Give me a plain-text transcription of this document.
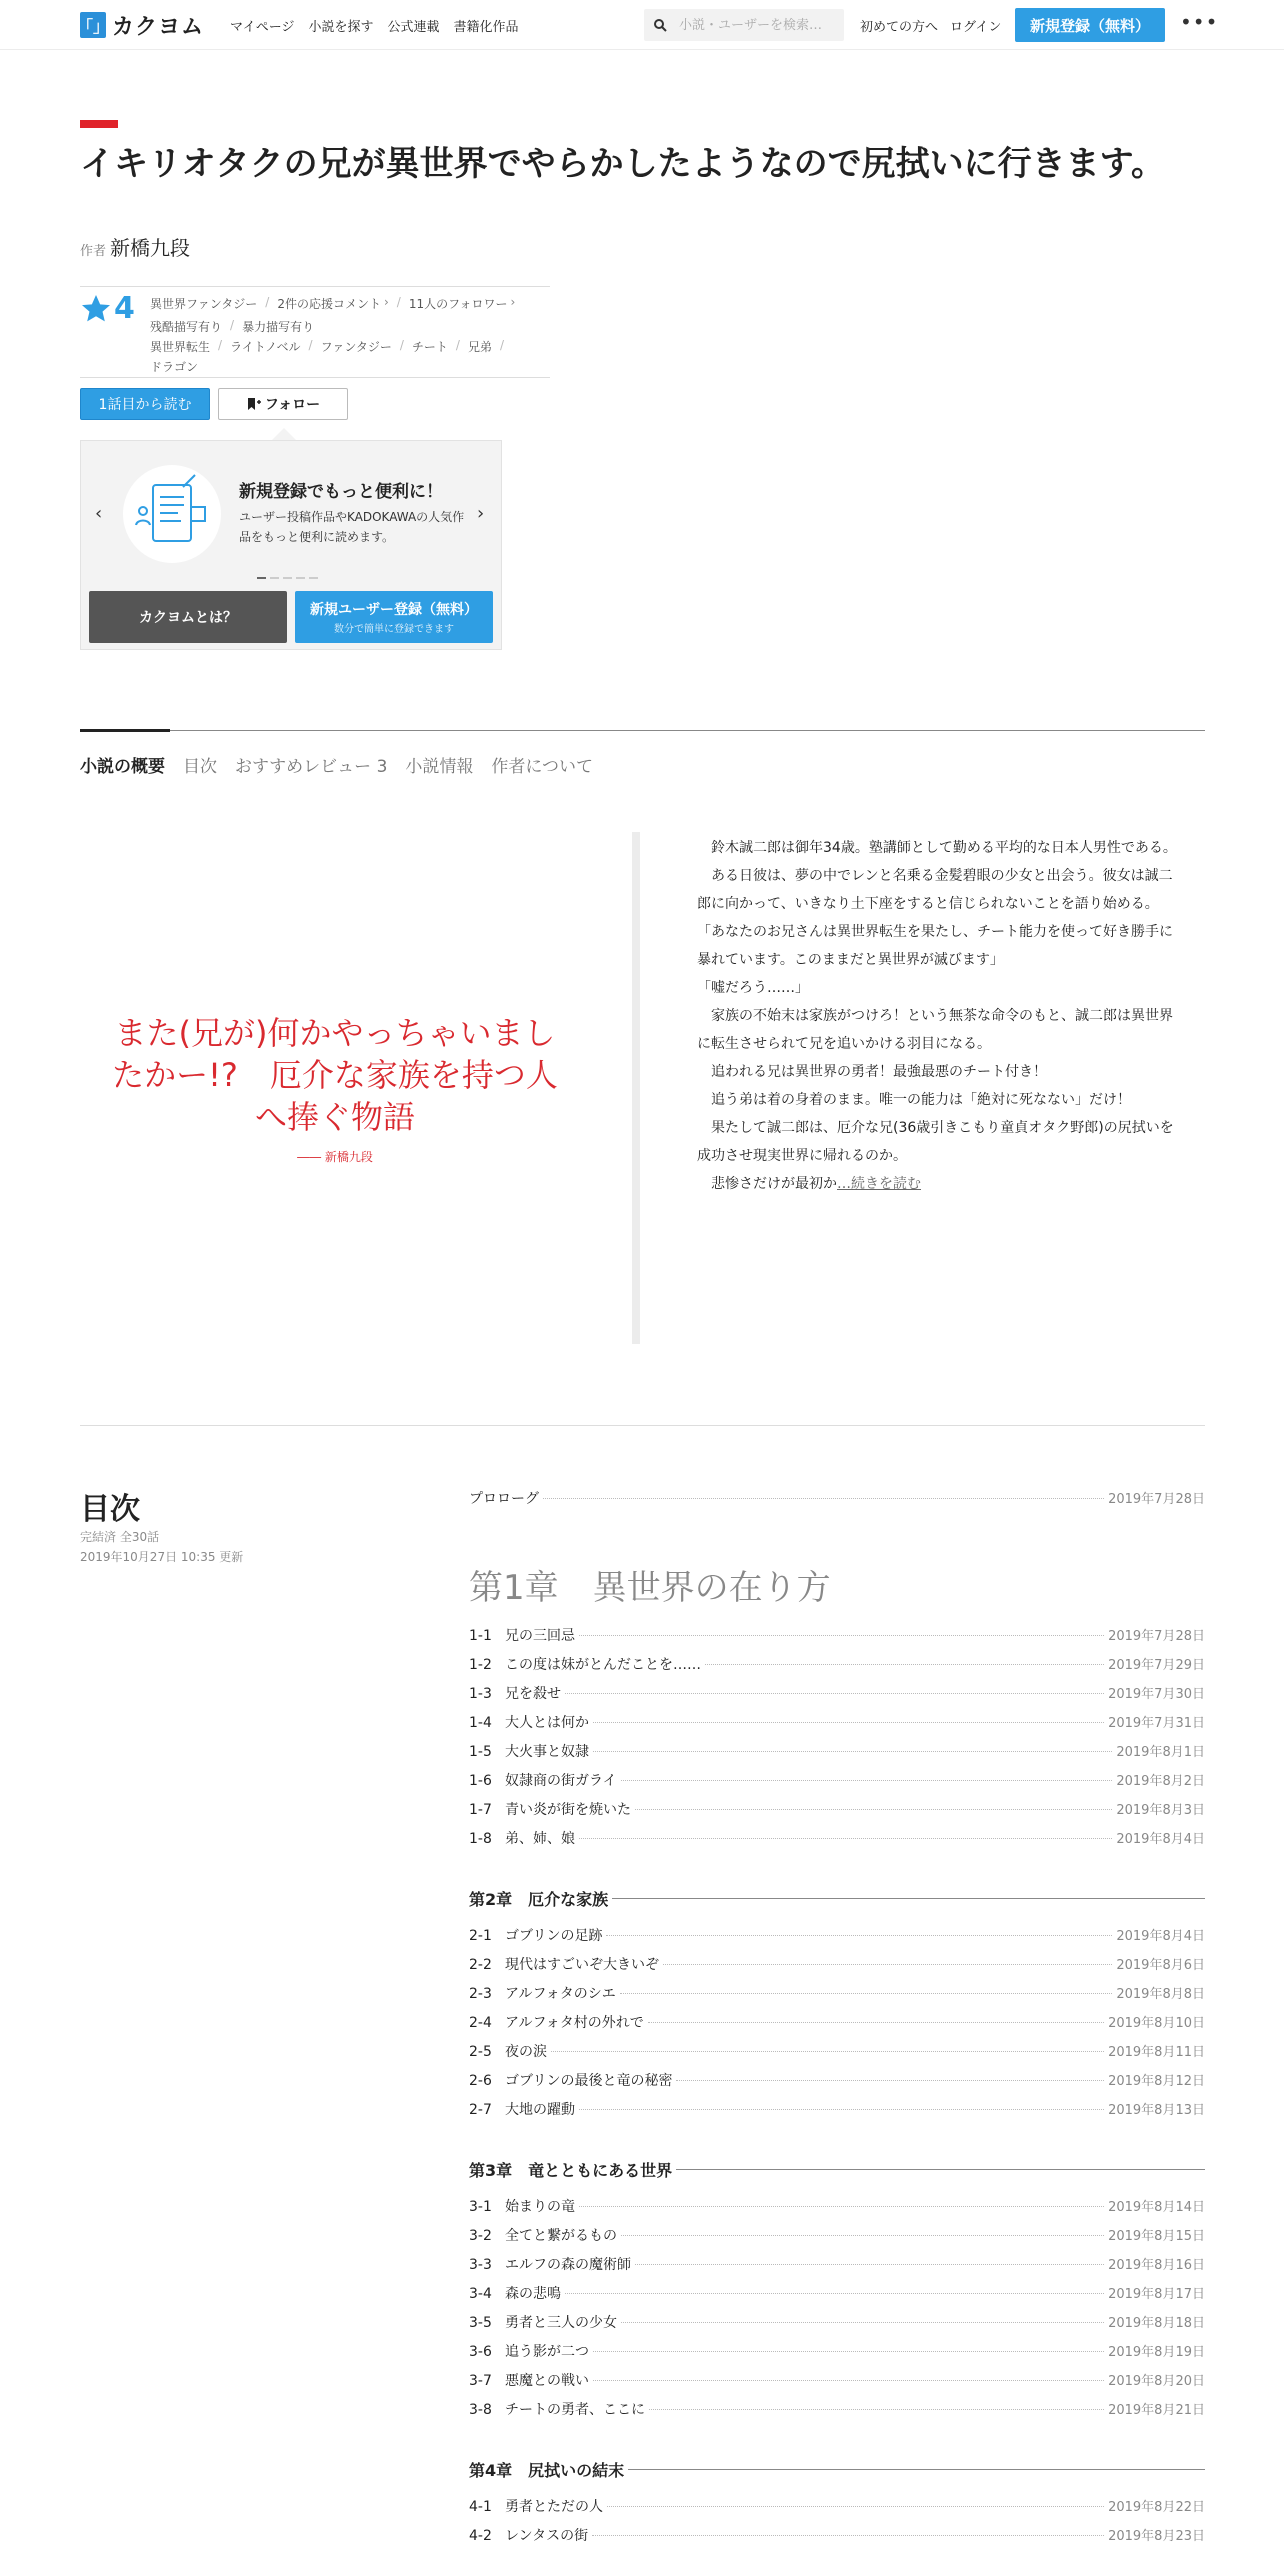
「」 カクヨム マイページ 小説を探す 公式連載 書籍化作品
小説・ユーザーを検索…	初めての方へ ログイン	新規登録（無料）	•••
イキリオタクの兄が異世界でやらかしたようなので尻拭いに行きます。
作者 新橋九段
4 異世界ファンタジー / 2件の応援コメント › / 11人のフォロワー ›
残酷描写有り / 暴力描写有り
異世界転生 / ライトノベル / ファンタジー / チート / 兄弟 /
ドラゴン
1話目から読む	フォロー
‹	›
新規登録でもっと便利に！
ユーザー投稿作品やKADOKAWAの人気作品をもっと便利に読めます。
カクヨムとは？	新規ユーザー登録（無料）
数分で簡単に登録できます
小説の概要 目次 おすすめレビュー 3 小説情報 作者について
また(兄が)何かやっちゃいましたかー!?　厄介な家族を持つ人へ捧ぐ物語
―― 新橋九段

　鈴木誠二郎は御年34歳。塾講師として勤める平均的な日本人男性である。

　ある日彼は、夢の中でレンと名乗る金髪碧眼の少女と出会う。彼女は誠二郎に向かって、いきなり土下座をすると信じられないことを語り始める。

「あなたのお兄さんは異世界転生を果たし、チート能力を使って好き勝手に暴れています。このままだと異世界が滅びます」

「嘘だろう……」

　家族の不始末は家族がつけろ！という無茶な命令のもと、誠二郎は異世界に転生させられて兄を追いかける羽目になる。

　追われる兄は異世界の勇者！最強最悪のチート付き！

　追う弟は着の身着のまま。唯一の能力は「絶対に死なない」だけ！

　果たして誠二郎は、厄介な兄(36歳引きこもり童貞オタク野郎)の尻拭いを成功させ現実世界に帰れるのか。

　悲惨さだけが最初か…続きを読む

目次
完結済 全30話
2019年10月27日 10:35 更新
プロローグ	2019年7月28日
第1章　異世界の在り方
1-1 兄の三回忌	2019年7月28日
1-2 この度は妹がとんだことを……	2019年7月29日
1-3 兄を殺せ	2019年7月30日
1-4 大人とは何か	2019年7月31日
1-5 大火事と奴隷	2019年8月1日
1-6 奴隷商の街ガライ	2019年8月2日
1-7 青い炎が街を焼いた	2019年8月3日
1-8 弟、姉、娘	2019年8月4日
第2章　厄介な家族
2-1 ゴブリンの足跡	2019年8月4日
2-2 現代はすごいぞ大きいぞ	2019年8月6日
2-3 アルフォタのシエ	2019年8月8日
2-4 アルフォタ村の外れで	2019年8月10日
2-5 夜の涙	2019年8月11日
2-6 ゴブリンの最後と竜の秘密	2019年8月12日
2-7 大地の躍動	2019年8月13日
第3章　竜とともにある世界
3-1 始まりの竜	2019年8月14日
3-2 全てと繋がるもの	2019年8月15日
3-3 エルフの森の魔術師	2019年8月16日
3-4 森の悲鳴	2019年8月17日
3-5 勇者と三人の少女	2019年8月18日
3-6 追う影が二つ	2019年8月19日
3-7 悪魔との戦い	2019年8月20日
3-8 チートの勇者、ここに	2019年8月21日
第4章　尻拭いの結末
4-1 勇者とただの人	2019年8月22日
4-2 レンタスの街	2019年8月23日
